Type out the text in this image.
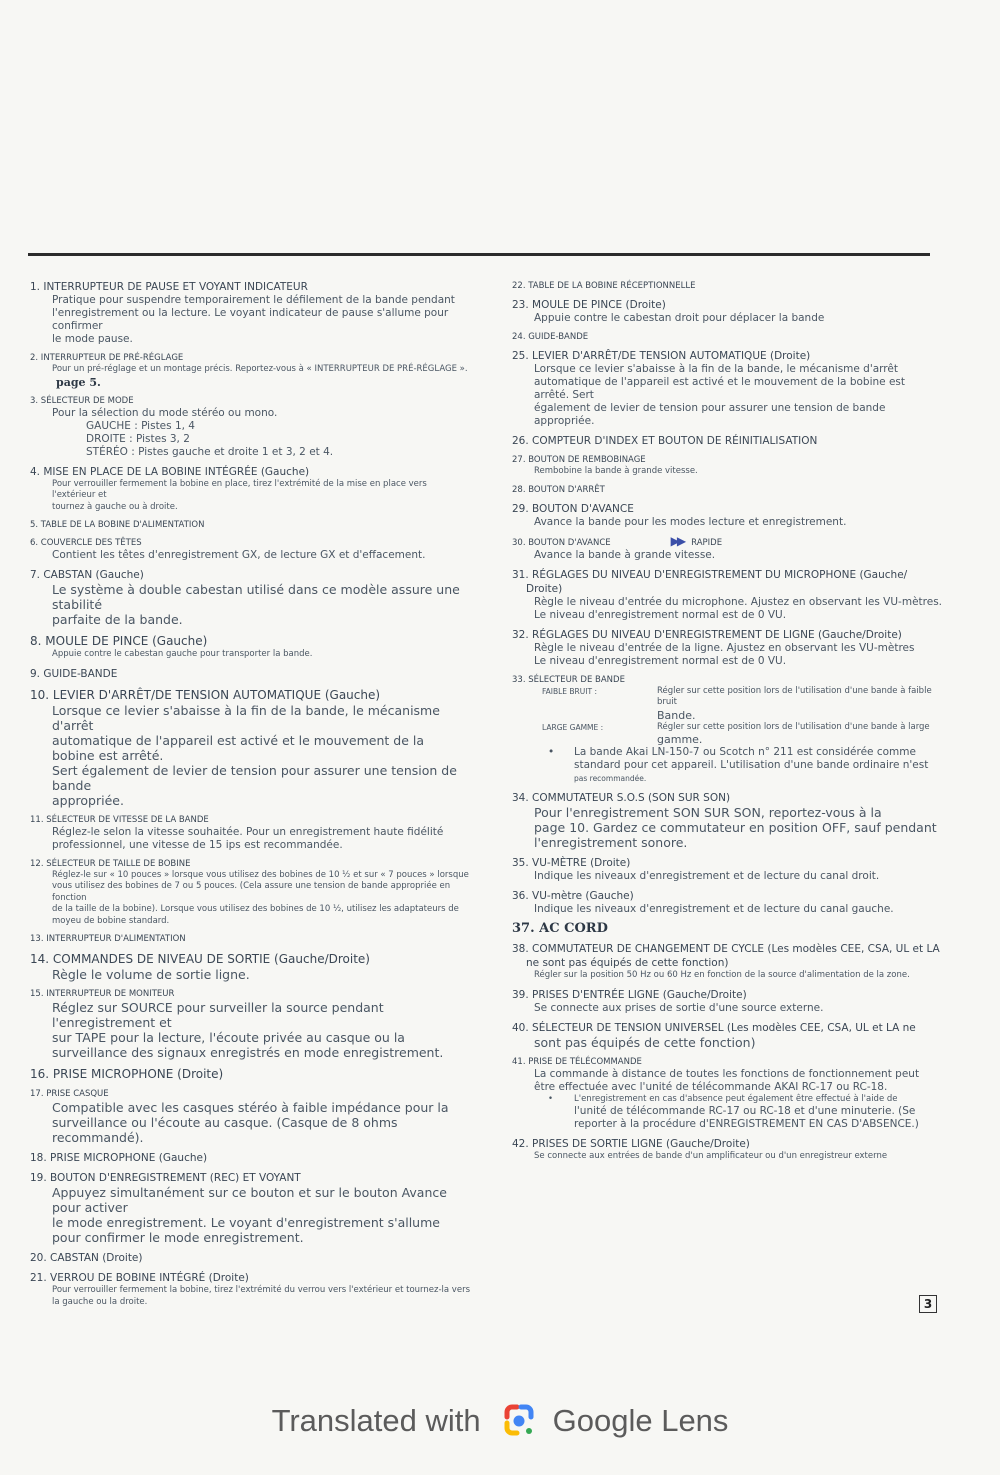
1. INTERRUPTEUR DE PAUSE ET VOYANT INDICATEUR
Pratique pour suspendre temporairement le défilement de la bande pendant
l'enregistrement ou la lecture. Le voyant indicateur de pause s'allume pour confirmer
le mode pause.
2. INTERRUPTEUR DE PRÉ-RÉGLAGE
Pour un pré-réglage et un montage précis. Reportez-vous à « INTERRUPTEUR DE PRÉ-RÉGLAGE ».
page 5.
3. SÉLECTEUR DE MODE
Pour la sélection du mode stéréo ou mono.
GAUCHE : Pistes 1, 4
DROITE : Pistes 3, 2
STÉRÉO : Pistes gauche et droite 1 et 3, 2 et 4.
4. MISE EN PLACE DE LA BOBINE INTÉGRÉE (Gauche)
Pour verrouiller fermement la bobine en place, tirez l'extrémité de la mise en place vers l'extérieur et
tournez à gauche ou à droite.
5. TABLE DE LA BOBINE D'ALIMENTATION
6. COUVERCLE DES TÊTES
Contient les têtes d'enregistrement GX, de lecture GX et d'effacement.
7. CABSTAN (Gauche)
Le système à double cabestan utilisé dans ce modèle assure une stabilité
parfaite de la bande.
8. MOULE DE PINCE (Gauche)
Appuie contre le cabestan gauche pour transporter la bande.
9. GUIDE-BANDE
10. LEVIER D'ARRÊT/DE TENSION AUTOMATIQUE (Gauche)
Lorsque ce levier s'abaisse à la fin de la bande, le mécanisme d'arrêt
automatique de l'appareil est activé et le mouvement de la bobine est arrêté.
Sert également de levier de tension pour assurer une tension de bande
appropriée.
11. SÉLECTEUR DE VITESSE DE LA BANDE
Réglez-le selon la vitesse souhaitée. Pour un enregistrement haute fidélité
professionnel, une vitesse de 15 ips est recommandée.
12. SÉLECTEUR DE TAILLE DE BOBINE
Réglez-le sur « 10 pouces » lorsque vous utilisez des bobines de 10 ½ et sur « 7 pouces » lorsque
vous utilisez des bobines de 7 ou 5 pouces. (Cela assure une tension de bande appropriée en fonction
de la taille de la bobine). Lorsque vous utilisez des bobines de 10 ½, utilisez les adaptateurs de
moyeu de bobine standard.
13. INTERRUPTEUR D'ALIMENTATION
14. COMMANDES DE NIVEAU DE SORTIE (Gauche/Droite)
Règle le volume de sortie ligne.
15. INTERRUPTEUR DE MONITEUR
Réglez sur SOURCE pour surveiller la source pendant l'enregistrement et
sur TAPE pour la lecture, l'écoute privée au casque ou la
surveillance des signaux enregistrés en mode enregistrement.
16. PRISE MICROPHONE (Droite)
17. PRISE CASQUE
Compatible avec les casques stéréo à faible impédance pour la
surveillance ou l'écoute au casque. (Casque de 8 ohms recommandé).
18. PRISE MICROPHONE (Gauche)
19. BOUTON D'ENREGISTREMENT (REC) ET VOYANT
Appuyez simultanément sur ce bouton et sur le bouton Avance pour activer
le mode enregistrement. Le voyant d'enregistrement s'allume
pour confirmer le mode enregistrement.
20. CABSTAN (Droite)
21. VERROU DE BOBINE INTÉGRÉ (Droite)
Pour verrouiller fermement la bobine, tirez l'extrémité du verrou vers l'extérieur et tournez-la vers
la gauche ou la droite.
22. TABLE DE LA BOBINE RÉCEPTIONNELLE
23. MOULE DE PINCE (Droite)
Appuie contre le cabestan droit pour déplacer la bande
24. GUIDE-BANDE
25. LEVIER D'ARRÊT/DE TENSION AUTOMATIQUE (Droite)
Lorsque ce levier s'abaisse à la fin de la bande, le mécanisme d'arrêt
automatique de l'appareil est activé et le mouvement de la bobine est arrêté. Sert
également de levier de tension pour assurer une tension de bande
appropriée.
26. COMPTEUR D'INDEX ET BOUTON DE RÉINITIALISATION
27. BOUTON DE REMBOBINAGE
Rembobine la bande à grande vitesse.
28. BOUTON D'ARRÊT
29. BOUTON D'AVANCE
Avance la bande pour les modes lecture et enregistrement.
30. BOUTON D'AVANCE	▶▶ RAPIDE
Avance la bande à grande vitesse.
31. RÉGLAGES DU NIVEAU D'ENREGISTREMENT DU MICROPHONE (Gauche/
Droite)
Règle le niveau d'entrée du microphone. Ajustez en observant les VU-mètres.
Le niveau d'enregistrement normal est de 0 VU.
32. RÉGLAGES DU NIVEAU D'ENREGISTREMENT DE LIGNE (Gauche/Droite)
Règle le niveau d'entrée de la ligne. Ajustez en observant les VU-mètres
Le niveau d'enregistrement normal est de 0 VU.
33. SÉLECTEUR DE BANDE
FAIBLE BRUIT :	Régler sur cette position lors de l'utilisation d'une bande à faible bruit
Bande.
LARGE GAMME :	Régler sur cette position lors de l'utilisation d'une bande à large
gamme.
•	La bande Akai LN-150-7 ou Scotch n° 211 est considérée comme
standard pour cet appareil. L'utilisation d'une bande ordinaire n'est
pas recommandée.
34. COMMUTATEUR S.O.S (SON SUR SON)
Pour l'enregistrement SON SUR SON, reportez-vous à la
page 10. Gardez ce commutateur en position OFF, sauf pendant
l'enregistrement sonore.
35. VU-MÈTRE (Droite)
Indique les niveaux d'enregistrement et de lecture du canal droit.
36. VU-mètre (Gauche)
Indique les niveaux d'enregistrement et de lecture du canal gauche.
37. AC CORD
38. COMMUTATEUR DE CHANGEMENT DE CYCLE (Les modèles CEE, CSA, UL et LA
ne sont pas équipés de cette fonction)
Régler sur la position 50 Hz ou 60 Hz en fonction de la source d'alimentation de la zone.
39. PRISES D'ENTRÉE LIGNE (Gauche/Droite)
Se connecte aux prises de sortie d'une source externe.
40. SÉLECTEUR DE TENSION UNIVERSEL (Les modèles CEE, CSA, UL et LA ne
sont pas équipés de cette fonction)
41. PRISE DE TÉLÉCOMMANDE
La commande à distance de toutes les fonctions de fonctionnement peut
être effectuée avec l'unité de télécommande AKAI RC-17 ou RC-18.
•	L'enregistrement en cas d'absence peut également être effectué à l'aide de
l'unité de télécommande RC-17 ou RC-18 et d'une minuterie. (Se
reporter à la procédure d'ENREGISTREMENT EN CAS D'ABSENCE.)
42. PRISES DE SORTIE LIGNE (Gauche/Droite)
Se connecte aux entrées de bande d'un amplificateur ou d'un enregistreur externe
3
Translated with Google Lens
